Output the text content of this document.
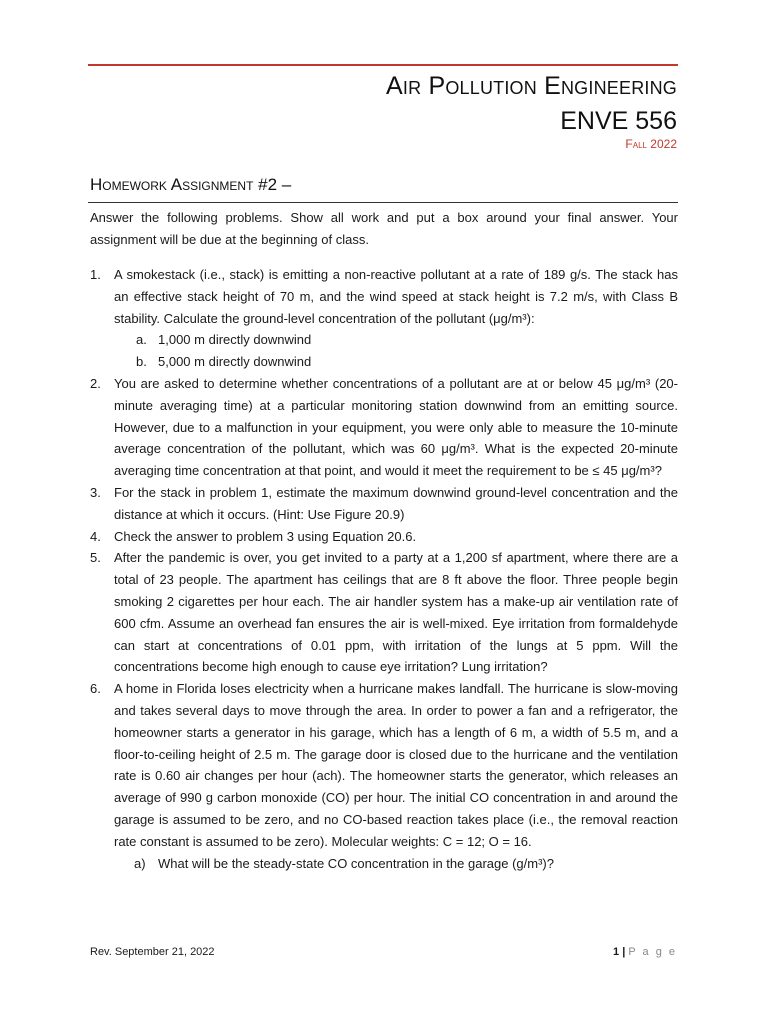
Air Pollution Engineering
ENVE 556
Fall 2022
Homework Assignment #2 –
Answer the following problems. Show all work and put a box around your final answer. Your assignment will be due at the beginning of class.
1. A smokestack (i.e., stack) is emitting a non-reactive pollutant at a rate of 189 g/s. The stack has an effective stack height of 70 m, and the wind speed at stack height is 7.2 m/s, with Class B stability. Calculate the ground-level concentration of the pollutant (μg/m³):
a. 1,000 m directly downwind
b. 5,000 m directly downwind
2. You are asked to determine whether concentrations of a pollutant are at or below 45 μg/m³ (20-minute averaging time) at a particular monitoring station downwind from an emitting source. However, due to a malfunction in your equipment, you were only able to measure the 10-minute average concentration of the pollutant, which was 60 μg/m³. What is the expected 20-minute averaging time concentration at that point, and would it meet the requirement to be ≤ 45 μg/m³?
3. For the stack in problem 1, estimate the maximum downwind ground-level concentration and the distance at which it occurs. (Hint: Use Figure 20.9)
4. Check the answer to problem 3 using Equation 20.6.
5. After the pandemic is over, you get invited to a party at a 1,200 sf apartment, where there are a total of 23 people. The apartment has ceilings that are 8 ft above the floor. Three people begin smoking 2 cigarettes per hour each. The air handler system has a make-up air ventilation rate of 600 cfm. Assume an overhead fan ensures the air is well-mixed. Eye irritation from formaldehyde can start at concentrations of 0.01 ppm, with irritation of the lungs at 5 ppm. Will the concentrations become high enough to cause eye irritation? Lung irritation?
6. A home in Florida loses electricity when a hurricane makes landfall. The hurricane is slow-moving and takes several days to move through the area. In order to power a fan and a refrigerator, the homeowner starts a generator in his garage, which has a length of 6 m, a width of 5.5 m, and a floor-to-ceiling height of 2.5 m. The garage door is closed due to the hurricane and the ventilation rate is 0.60 air changes per hour (ach). The homeowner starts the generator, which releases an average of 990 g carbon monoxide (CO) per hour. The initial CO concentration in and around the garage is assumed to be zero, and no CO-based reaction takes place (i.e., the removal reaction rate constant is assumed to be zero). Molecular weights: C = 12; O = 16.
a) What will be the steady-state CO concentration in the garage (g/m³)?
Rev. September 21, 2022	1 | P a g e
